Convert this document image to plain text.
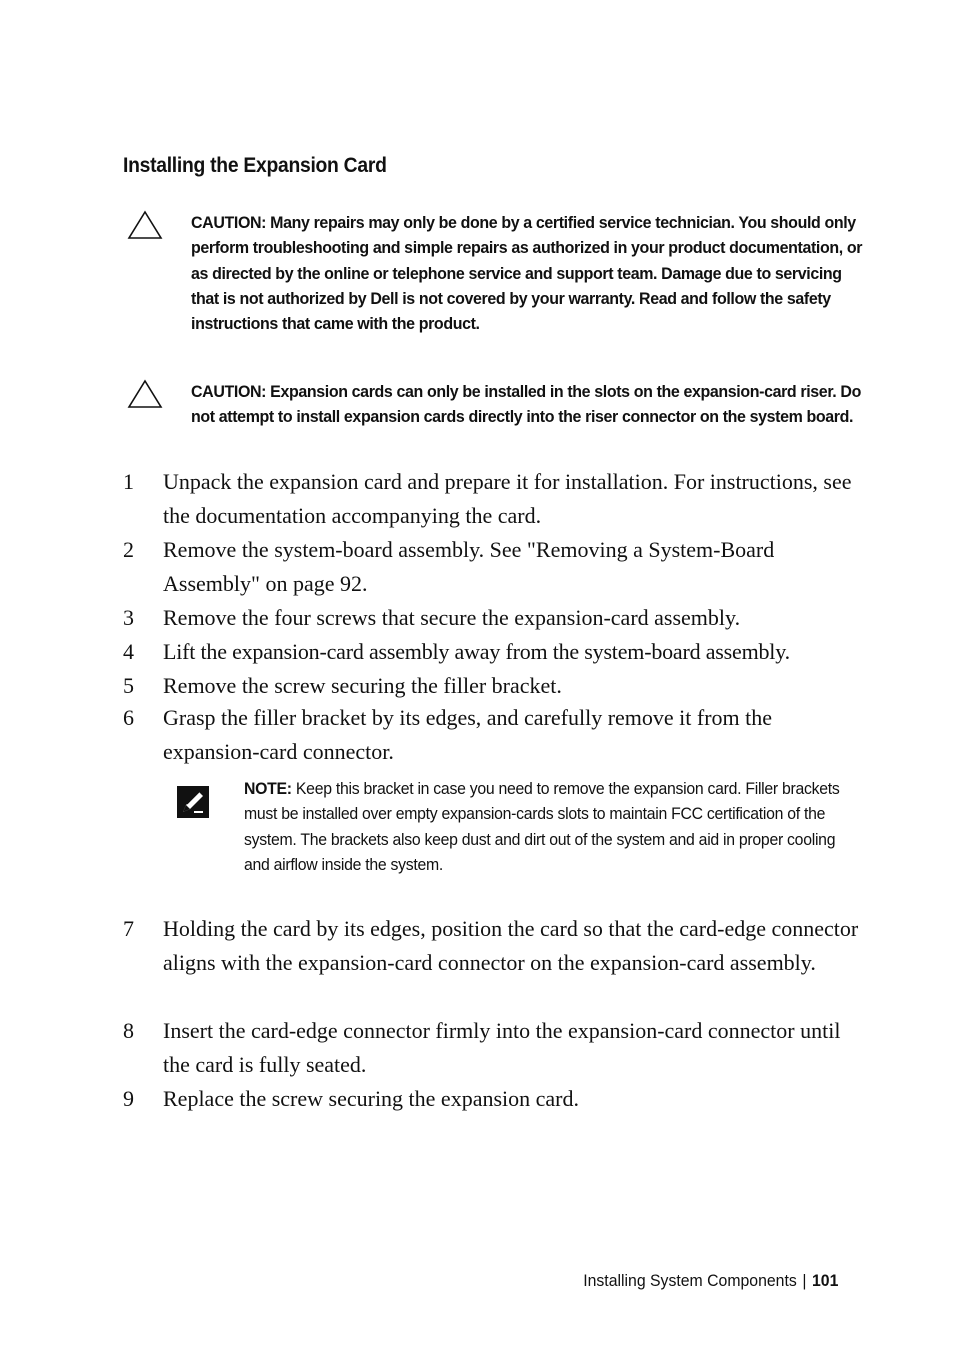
Installing the Expansion Card
CAUTION: Many repairs may only be done by a certified service technician. You should only perform troubleshooting and simple repairs as authorized in your product documentation, or as directed by the online or telephone service and support team. Damage due to servicing that is not authorized by Dell is not covered by your warranty. Read and follow the safety instructions that came with the product.
CAUTION: Expansion cards can only be installed in the slots on the expansion-card riser. Do not attempt to install expansion cards directly into the riser connector on the system board.
1	Unpack the expansion card and prepare it for installation. For instructions, see the documentation accompanying the card.
2	Remove the system-board assembly. See "Removing a System-Board Assembly" on page 92.
3	Remove the four screws that secure the expansion-card assembly.
4	Lift the expansion-card assembly away from the system-board assembly.
5	Remove the screw securing the filler bracket.
6	Grasp the filler bracket by its edges, and carefully remove it from the expansion-card connector.
7	Holding the card by its edges, position the card so that the card-edge connector aligns with the expansion-card connector on the expansion-card assembly.
8	Insert the card-edge connector firmly into the expansion-card connector until the card is fully seated.
9	Replace the screw securing the expansion card.
NOTE: Keep this bracket in case you need to remove the expansion card. Filler brackets must be installed over empty expansion-cards slots to maintain FCC certification of the system. The brackets also keep dust and dirt out of the system and aid in proper cooling and airflow inside the system.
Installing System Components | 101
